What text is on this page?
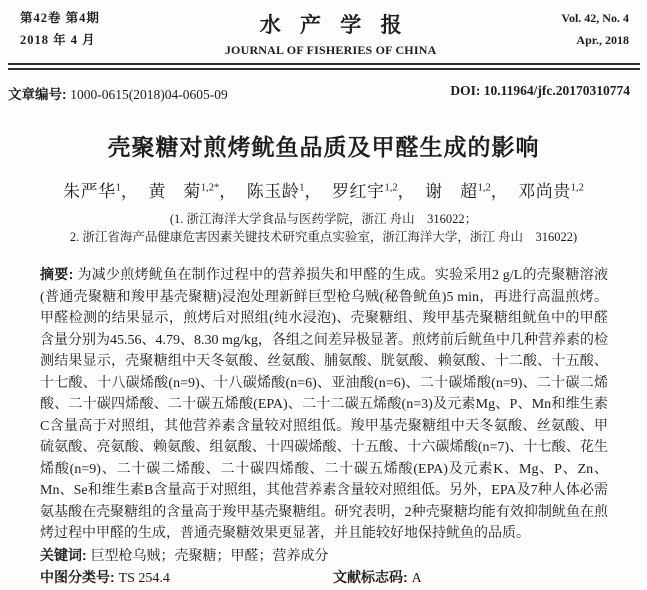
第42卷 第4期
2018 年 4 月
水 产 学 报
JOURNAL OF FISHERIES OF CHINA
Vol. 42, No. 4
Apr., 2018
文章编号: 1000-0615(2018)04-0605-09	DOI: 10.11964/jfc.20170310774
壳聚糖对煎烤鱿鱼品质及甲醛生成的影响
朱严华$^1$， 黄　菊$^{1,2*}$， 陈玉龄$^1$， 罗红宇$^{1,2}$， 谢　超$^{1,2}$， 邓尚贵$^{1,2}$
(1. 浙江海洋大学食品与医药学院，浙江 舟山　316022；
2. 浙江省海产品健康危害因素关键技术研究重点实验室，浙江海洋大学，浙江 舟山　316022)

摘要: 为减少煎烤鱿鱼在制作过程中的营养损失和甲醛的生成。实验采用2 g/L的壳聚糖溶液(普通壳聚糖和羧甲基壳聚糖)浸泡处理新鲜巨型枪乌贼(秘鲁鱿鱼)5 min，再进行高温煎烤。甲醛检测的结果显示，煎烤后对照组(纯水浸泡)、壳聚糖组、羧甲基壳聚糖组鱿鱼中的甲醛含量分别为45.56、4.79、8.30 mg/kg，各组之间差异极显著。煎烤前后鱿鱼中几种营养素的检测结果显示，壳聚糖组中天冬氨酸、丝氨酸、脯氨酸、胱氨酸、赖氨酸、十二酸、十五酸、十七酸、十八碳烯酸(n=9)、十八碳烯酸(n=6)、亚油酸(n=6)、二十碳烯酸(n=9)、二十碳二烯酸、二十碳四烯酸、二十碳五烯酸(EPA)、二十二碳五烯酸(n=3)及元素Mg、P、Mn和维生素C含量高于对照组，其他营养素含量较对照组低。羧甲基壳聚糖组中天冬氨酸、丝氨酸、甲硫氨酸、亮氨酸、赖氨酸、组氨酸、十四碳烯酸、十五酸、十六碳烯酸(n=7)、十七酸、花生烯酸(n=9)、二十碳二烯酸、二十碳四烯酸、二十碳五烯酸(EPA)及元素K、Mg、P、Zn、Mn、Se和维生素B含量高于对照组，其他营养素含量较对照组低。另外，EPA及7种人体必需氨基酸在壳聚糖组的含量高于羧甲基壳聚糖组。研究表明，2种壳聚糖均能有效抑制鱿鱼在煎烤过程中甲醛的生成，普通壳聚糖效果更显著，并且能较好地保持鱿鱼的品质。

关键词: 巨型枪乌贼；壳聚糖；甲醛；营养成分

中图分类号: TS 254.4	文献标志码: A
